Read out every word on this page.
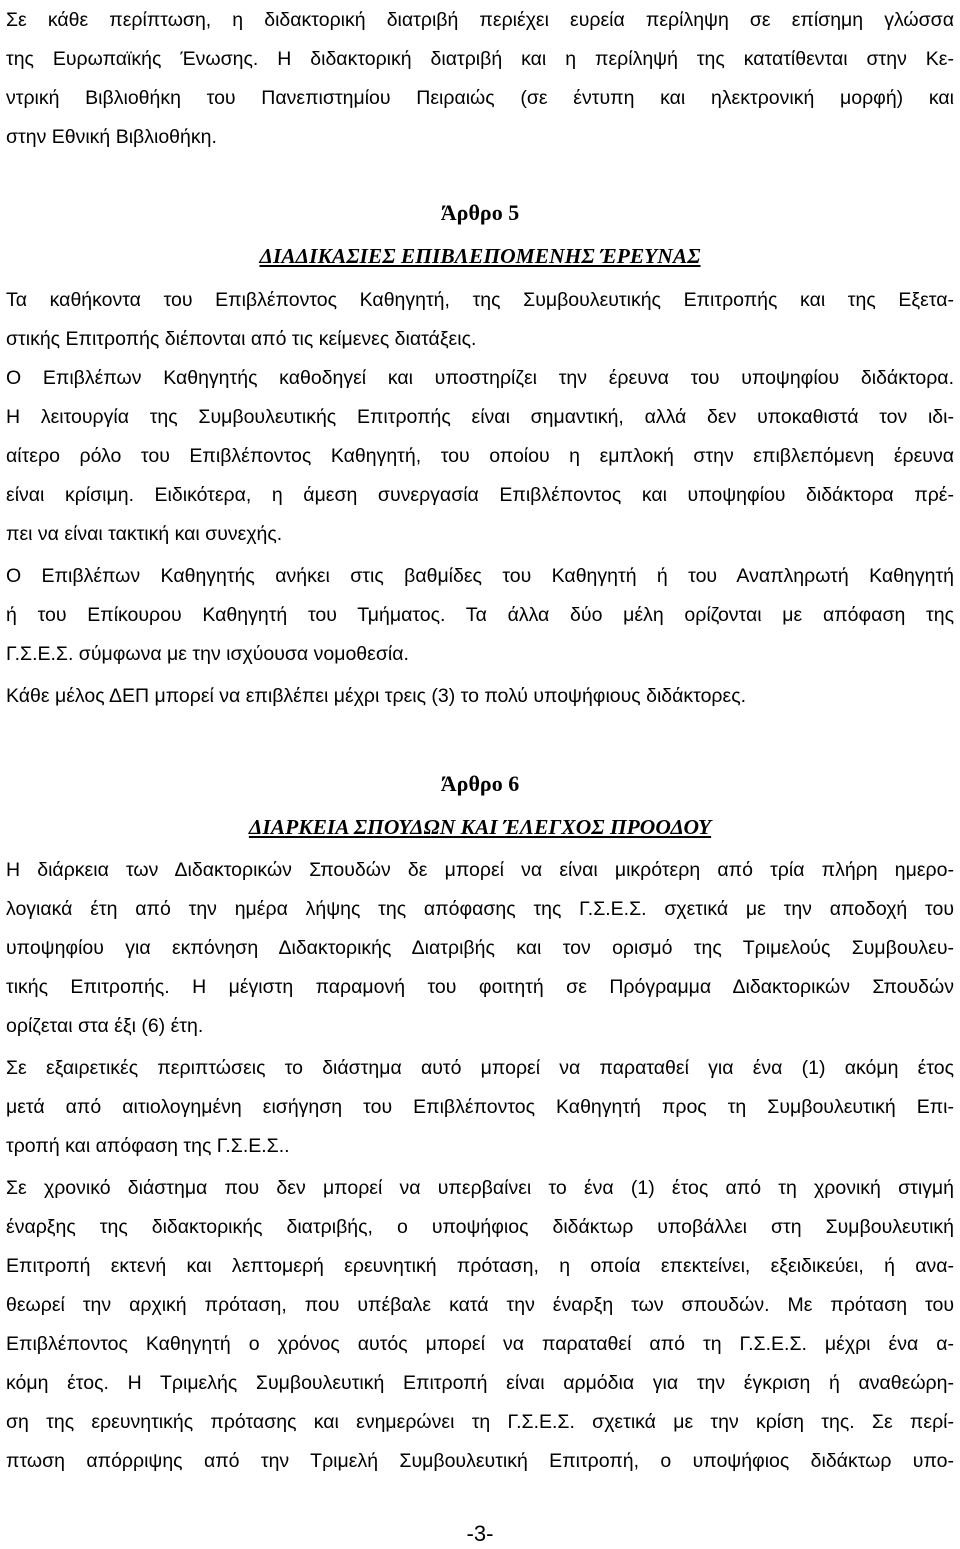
Σε κάθε περίπτωση, η διδακτορική διατριβή περιέχει ευρεία περίληψη σε επίσημη γλώσσα
της Ευρωπαϊκής Ένωσης. Η διδακτορική διατριβή και η περίληψή της κατατίθενται στην Κε-
ντρική Βιβλιοθήκη του Πανεπιστημίου Πειραιώς (σε έντυπη και ηλεκτρονική μορφή) και
στην Εθνική Βιβλιοθήκη.
Άρθρο 5
ΔΙΑΔΙΚΑΣΙΕΣ ΕΠΙΒΛΕΠΟΜΕΝΗΣ ΈΡΕΥΝΑΣ
Τα καθήκοντα του Επιβλέποντος Καθηγητή, της Συμβουλευτικής Επιτροπής και της Εξετα-
στικής Επιτροπής διέπονται από τις κείμενες διατάξεις.
Ο Επιβλέπων Καθηγητής καθοδηγεί και υποστηρίζει την έρευνα του υποψηφίου διδάκτορα.
Η λειτουργία της Συμβουλευτικής Επιτροπής είναι σημαντική, αλλά δεν υποκαθιστά τον ιδι-
αίτερο ρόλο του Επιβλέποντος Καθηγητή, του οποίου η εμπλοκή στην επιβλεπόμενη έρευνα
είναι κρίσιμη. Ειδικότερα, η άμεση συνεργασία Επιβλέποντος και υποψηφίου διδάκτορα πρέ-
πει να είναι τακτική και συνεχής.
Ο Επιβλέπων Καθηγητής ανήκει στις βαθμίδες του Καθηγητή ή του Αναπληρωτή Καθηγητή
ή του Επίκουρου Καθηγητή του Τμήματος. Τα άλλα δύο μέλη ορίζονται με απόφαση της
Γ.Σ.Ε.Σ. σύμφωνα με την ισχύουσα νομοθεσία.
Κάθε μέλος ΔΕΠ μπορεί να επιβλέπει μέχρι τρεις (3) το πολύ υποψήφιους διδάκτορες.
Άρθρο 6
ΔΙΑΡΚΕΙΑ ΣΠΟΥΔΩΝ ΚΑΙ ΈΛΕΓΧΟΣ ΠΡΟΟΔΟΥ
Η διάρκεια των Διδακτορικών Σπουδών δε μπορεί να είναι μικρότερη από τρία πλήρη ημερο-
λογιακά έτη από την ημέρα λήψης της απόφασης της Γ.Σ.Ε.Σ. σχετικά με την αποδοχή του
υποψηφίου για εκπόνηση Διδακτορικής Διατριβής και τον ορισμό της Τριμελούς Συμβουλευ-
τικής Επιτροπής. Η μέγιστη παραμονή του φοιτητή σε Πρόγραμμα Διδακτορικών Σπουδών
ορίζεται στα έξι (6) έτη.
Σε εξαιρετικές περιπτώσεις το διάστημα αυτό μπορεί να παραταθεί για ένα (1) ακόμη έτος
μετά από αιτιολογημένη εισήγηση του Επιβλέποντος Καθηγητή προς τη Συμβουλευτική Επι-
τροπή και απόφαση της Γ.Σ.Ε.Σ..
Σε χρονικό διάστημα που δεν μπορεί να υπερβαίνει το ένα (1) έτος από τη χρονική στιγμή
έναρξης της διδακτορικής διατριβής, ο υποψήφιος διδάκτωρ υποβάλλει στη Συμβουλευτική
Επιτροπή εκτενή και λεπτομερή ερευνητική πρόταση, η οποία επεκτείνει, εξειδικεύει, ή ανα-
θεωρεί την αρχική πρόταση, που υπέβαλε κατά την έναρξη των σπουδών. Με πρόταση του
Επιβλέποντος Καθηγητή ο χρόνος αυτός μπορεί να παραταθεί από τη Γ.Σ.Ε.Σ. μέχρι ένα α-
κόμη έτος. Η Τριμελής Συμβουλευτική Επιτροπή είναι αρμόδια για την έγκριση ή αναθεώρη-
ση της ερευνητικής πρότασης και ενημερώνει τη Γ.Σ.Ε.Σ. σχετικά με την κρίση της. Σε περί-
πτωση απόρριψης από την Τριμελή Συμβουλευτική Επιτροπή, ο υποψήφιος διδάκτωρ υπο-
-3-
